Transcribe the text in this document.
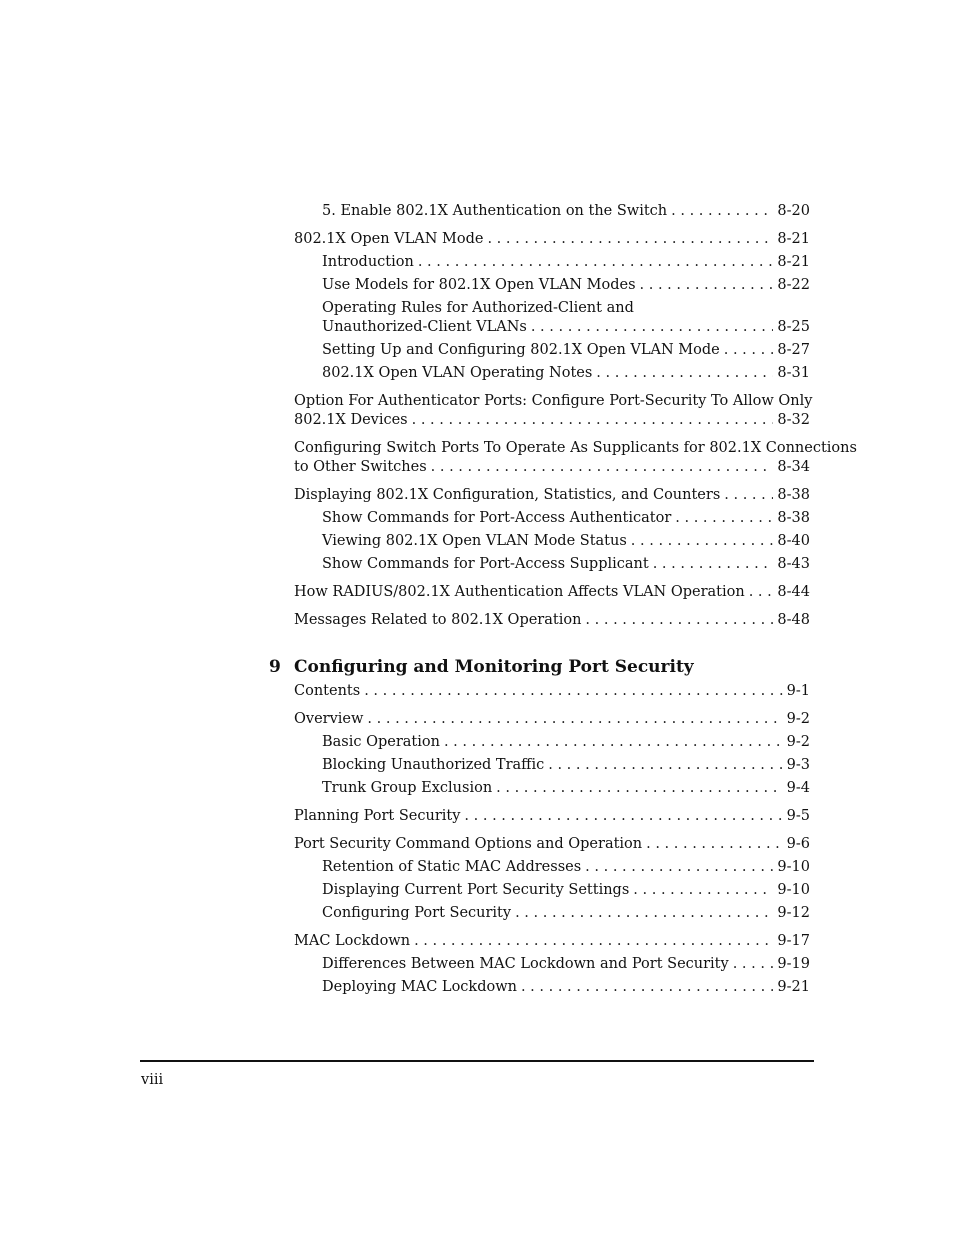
5. Enable 802.1X Authentication on the Switch . . .	8-20
802.1X Open VLAN Mode . . .	8-21
Introduction . . .	8-21
Use Models for 802.1X Open VLAN Modes . . .	8-22
Operating Rules for Authorized-Client and
Unauthorized-Client VLANs . . .	8-25
Setting Up and Configuring 802.1X Open VLAN Mode . . .	8-27
802.1X Open VLAN Operating Notes . . .	8-31
Option For Authenticator Ports: Configure Port-Security To Allow Only
802.1X Devices . . .	8-32
Configuring Switch Ports To Operate As Supplicants for 802.1X Connections
to Other Switches . . .	8-34
Displaying 802.1X Configuration, Statistics, and Counters . . .	8-38
Show Commands for Port-Access Authenticator . . .	8-38
Viewing 802.1X Open VLAN Mode Status . . .	8-40
Show Commands for Port-Access Supplicant . . .	8-43
How RADIUS/802.1X Authentication Affects VLAN Operation . . . 8-44
Messages Related to 802.1X Operation . . .	8-48
9 Configuring and Monitoring Port Security
Contents . . .	9-1
Overview . . .	9-2
Basic Operation . . .	9-2
Blocking Unauthorized Traffic . . .	9-3
Trunk Group Exclusion . . .	9-4
Planning Port Security . . .	9-5
Port Security Command Options and Operation . . .	9-6
Retention of Static MAC Addresses . . .	9-10
Displaying Current Port Security Settings . . .	9-10
Configuring Port Security . . .	9-12
MAC Lockdown . . .	9-17
Differences Between MAC Lockdown and Port Security . . .	9-19
Deploying MAC Lockdown . . .	9-21
viii
